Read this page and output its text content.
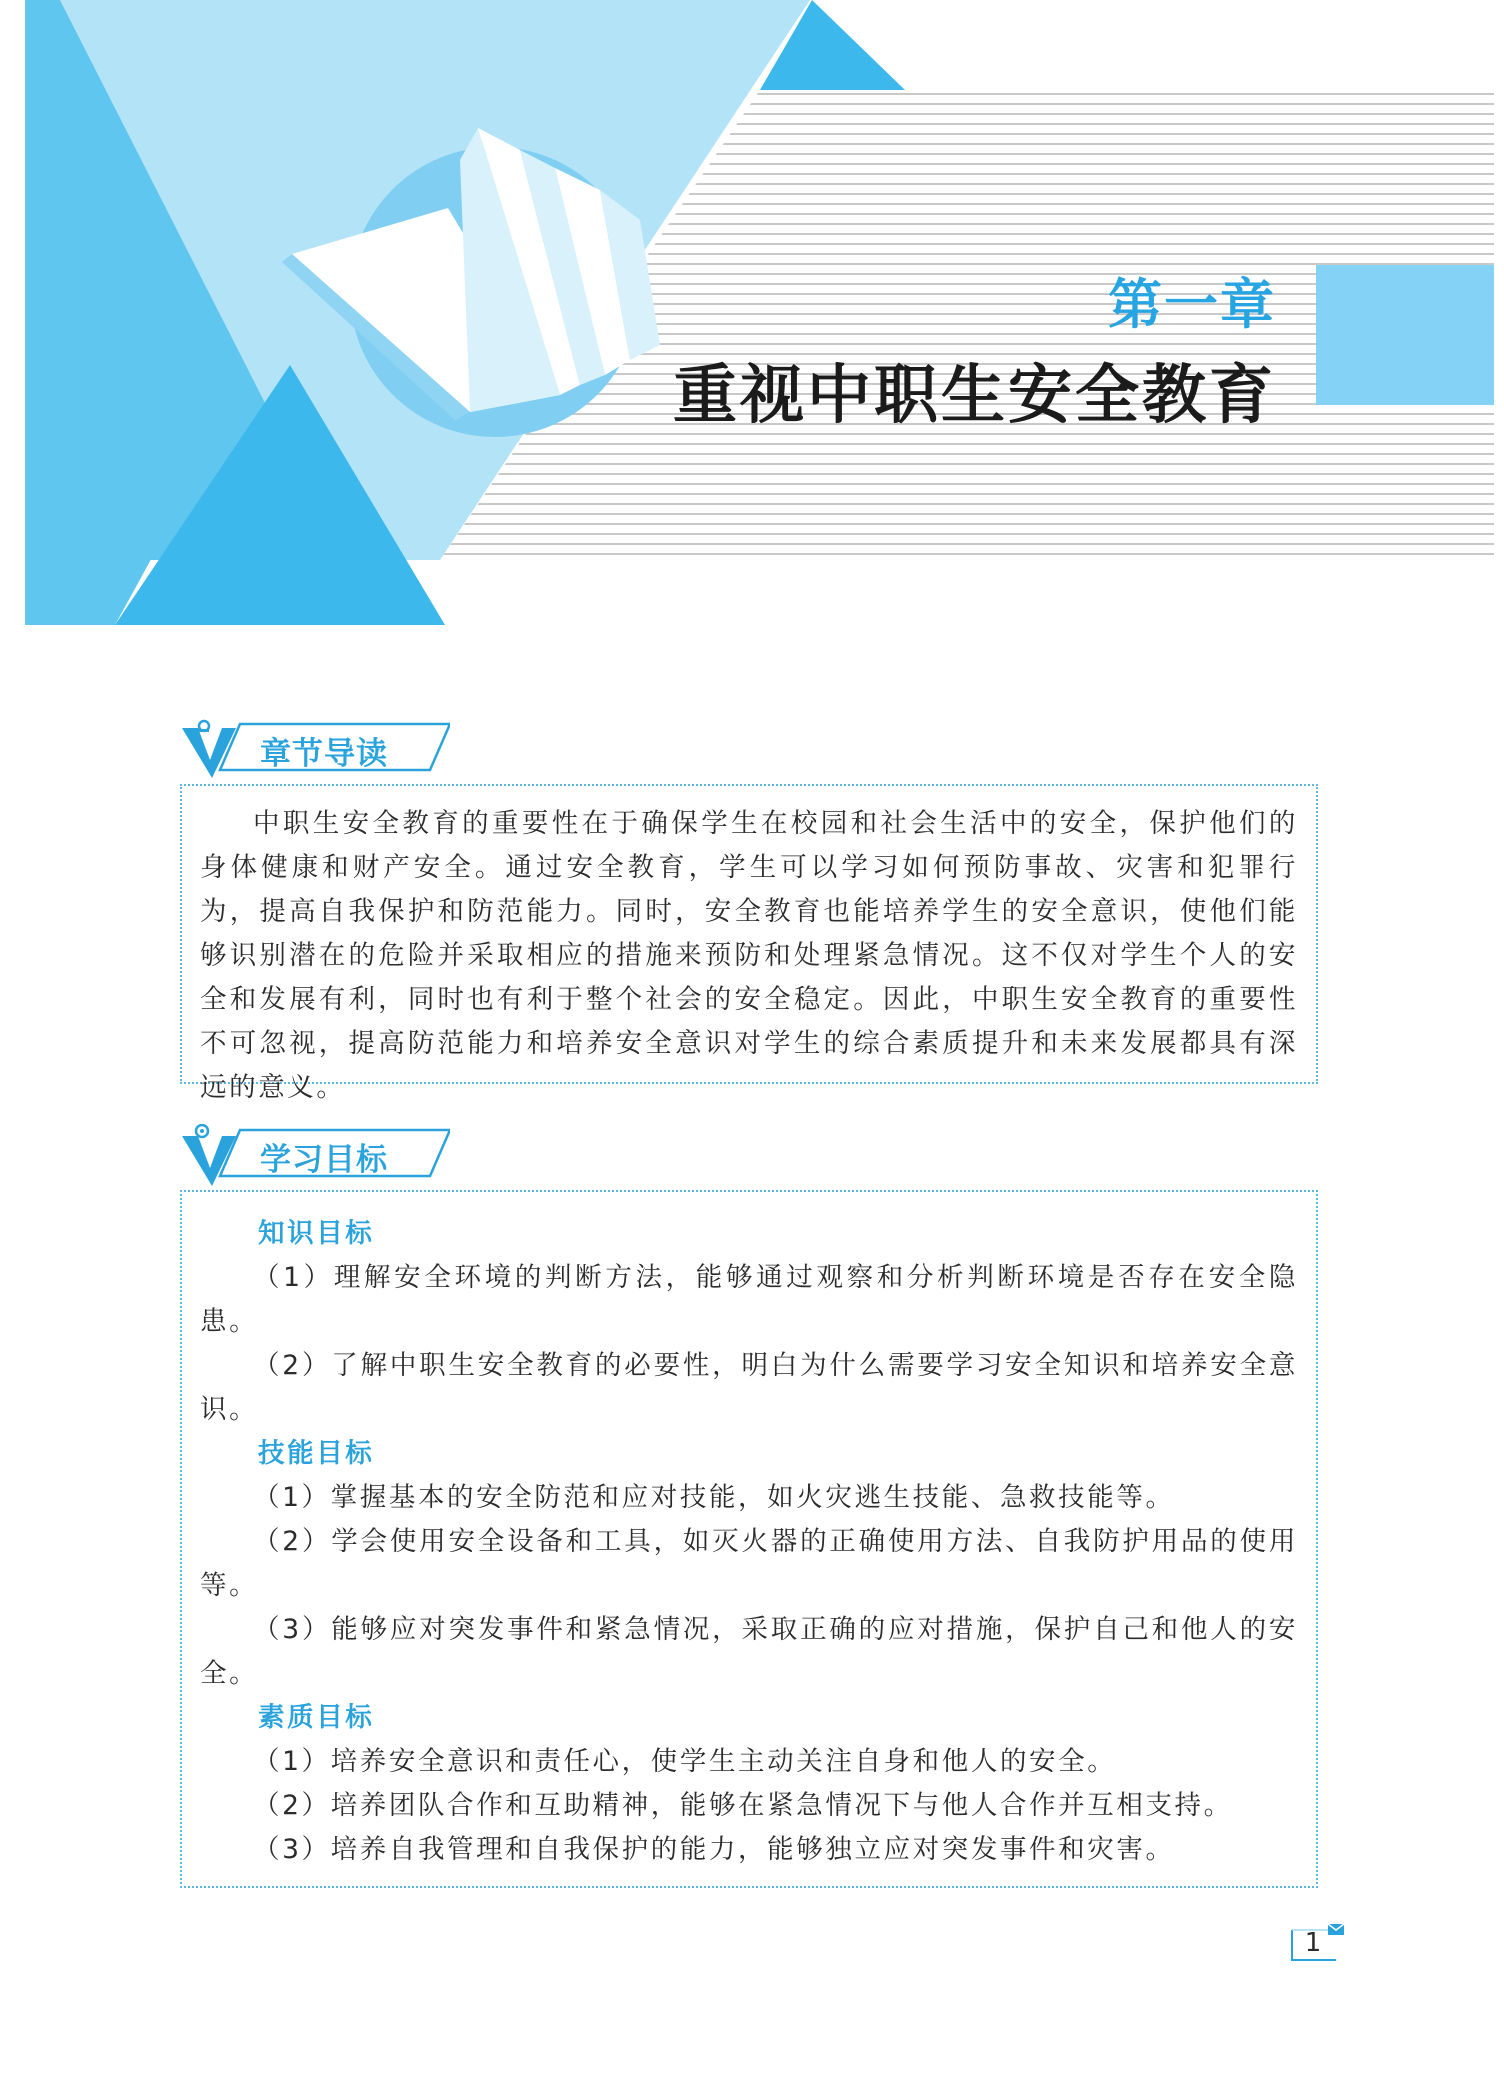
第一章
重视中职生安全教育
章节导读

中职生安全教育的重要性在于确保学生在校园和社会生活中的安全，保护他们的身体健康和财产安全。通过安全教育，学生可以学习如何预防事故、灾害和犯罪行为，提高自我保护和防范能力。同时，安全教育也能培养学生的安全意识，使他们能够识别潜在的危险并采取相应的措施来预防和处理紧急情况。这不仅对学生个人的安全和发展有利，同时也有利于整个社会的安全稳定。因此，中职生安全教育的重要性不可忽视，提高防范能力和培养安全意识对学生的综合素质提升和未来发展都具有深远的意义。

学习目标

知识目标

（1）理解安全环境的判断方法，能够通过观察和分析判断环境是否存在安全隐患。

（2）了解中职生安全教育的必要性，明白为什么需要学习安全知识和培养安全意识。

技能目标

（1）掌握基本的安全防范和应对技能，如火灾逃生技能、急救技能等。

（2）学会使用安全设备和工具，如灭火器的正确使用方法、自我防护用品的使用等。

（3）能够应对突发事件和紧急情况，采取正确的应对措施，保护自己和他人的安全。

素质目标

（1）培养安全意识和责任心，使学生主动关注自身和他人的安全。

（2）培养团队合作和互助精神，能够在紧急情况下与他人合作并互相支持。

（3）培养自我管理和自我保护的能力，能够独立应对突发事件和灾害。

1
